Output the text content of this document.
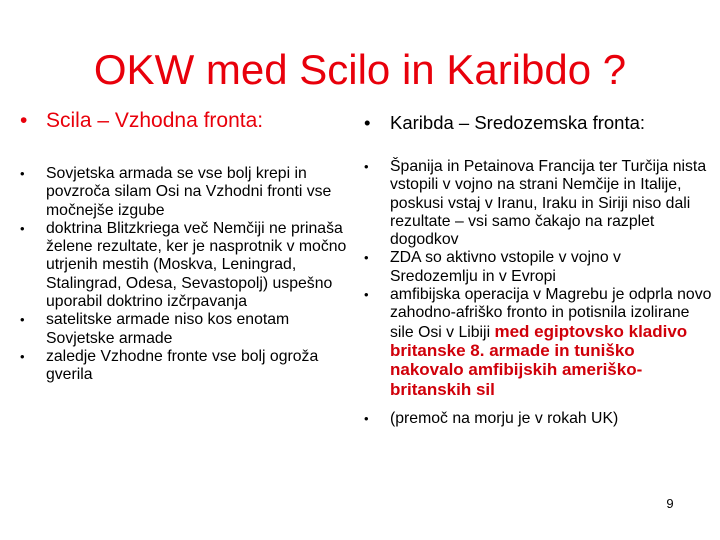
OKW med Scilo in Karibdo ?
• Scila – Vzhodna fronta:	•	Karibda – Sredozemska fronta:
•	Sovjetska armada se vse bolj krepi in povzroča silam Osi na Vzhodni fronti vse močnejše izgube
•	doktrina Blitzkriega več Nemčiji ne prinaša želene rezultate, ker je nasprotnik v močno utrjenih mestih (Moskva, Leningrad, Stalingrad, Odesa, Sevastopolj) uspešno uporabil doktrino izčrpavanja
•	satelitske armade niso kos enotam Sovjetske armade
•	zaledje Vzhodne fronte vse bolj ogroža gverila
•	Španija in Petainova Francija ter Turčija nista vstopili v vojno na strani Nemčije in Italije, poskusi vstaj v Iranu, Iraku in Siriji niso dali rezultate – vsi samo čakajo na razplet dogodkov
•	ZDA so aktivno vstopile v vojno v Sredozemlju in v Evropi
•	amfibijska operacija v Magrebu je odprla novo zahodno-afriško fronto in potisnila izolirane sile Osi v Libiji med egiptovsko kladivo britanske 8. armade in tuniško nakovalo amfibijskih ameriško-britanskih sil
•	(premoč na morju je v rokah UK)
9
